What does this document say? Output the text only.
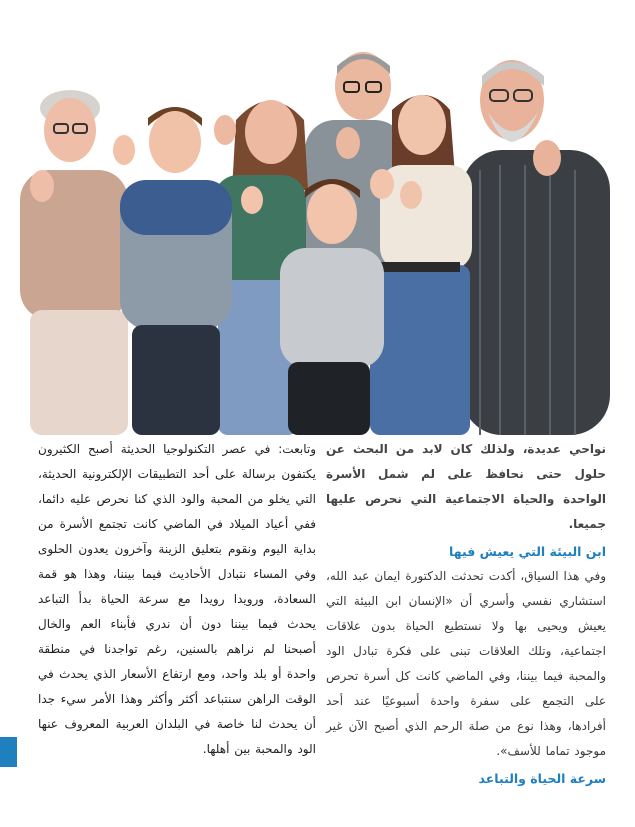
نواحي عديدة، ولذلك كان لابد من البحث عن حلول حتى نحافظ على لم شمل الأسرة الواحدة والحياة الاجتماعية التي نحرص عليها جميعا.

ابن البيئة التي يعيش فيها

وفي هذا السياق، أكدت تحدثت الدكتورة ايمان عبد الله، استشاري نفسي وأسري أن «الإنسان ابن البيئة التي يعيش ويحيى بها ولا نستطيع الحياة بدون علاقات اجتماعية، وتلك العلاقات تبنى على فكرة تبادل الود والمحبة فيما بيننا، وفي الماضي كانت كل أسرة تحرص على التجمع على سفرة واحدة أسبوعيًا عند أحد أفرادها، وهذا نوع من صلة الرحم الذي أصبح الآن غير موجود تماما للأسف».

سرعة الحياة والتباعد

وتابعت: في عصر التكنولوجيا الحديثة أصبح الكثيرون يكتفون برسالة على أحد التطبيقات الإلكترونية الحديثة، التي يخلو من المحبة والود الذي كنا نحرص عليه دائما، ففي أعياد الميلاد في الماضي كانت تجتمع الأسرة من بداية اليوم ونقوم بتعليق الزينة وآخرون يعدون الحلوى وفي المساء نتبادل الأحاديث فيما بيننا، وهذا هو قمة السعادة، ورويدا رويدا مع سرعة الحياة بدأ التباعد يحدث فيما بيننا دون أن ندري فأبناء العم والخال أصبحنا لم نراهم بالسنين، رغم تواجدنا في منطقة واحدة أو بلد واحد، ومع ارتفاع الأسعار الذي يحدث في الوقت الراهن سنتباعد أكثر وأكثر وهذا الأمر سيء جدا أن يحدث لنا خاصة في البلدان العربية المعروف عنها الود والمحبة بين أهلها.
